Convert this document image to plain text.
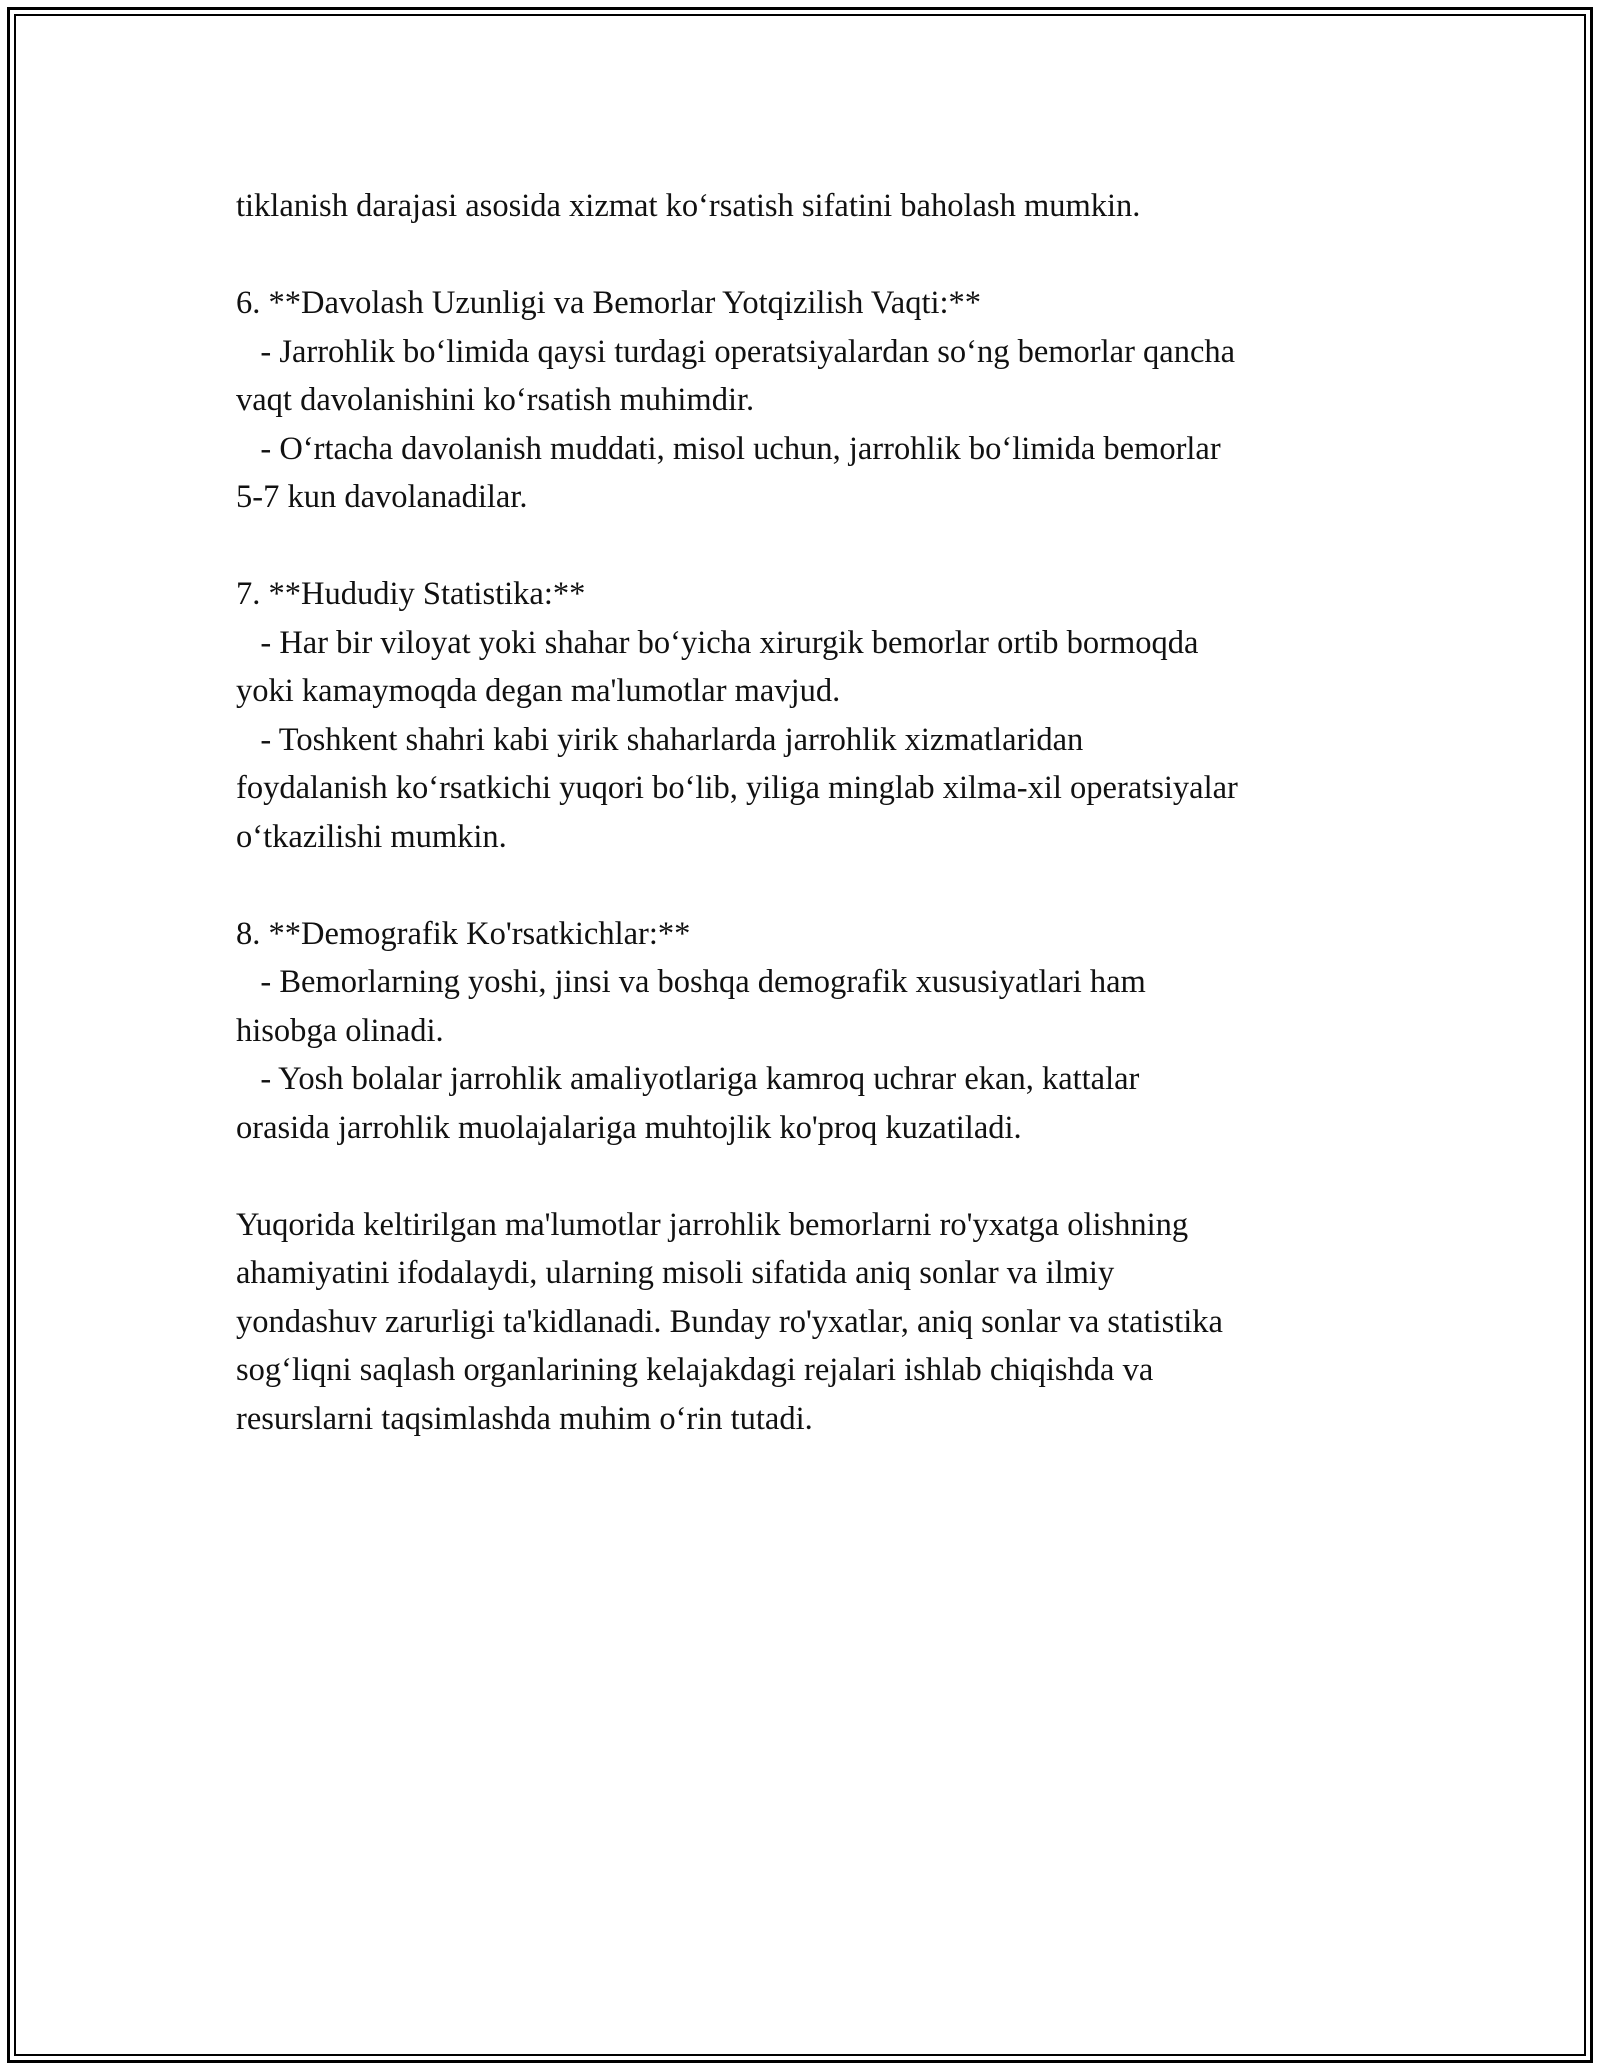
tiklanish darajasi asosida xizmat ko‘rsatish sifatini baholash mumkin.

6. **Davolash Uzunligi va Bemorlar Yotqizilish Vaqti:**

- Jarrohlik bo‘limida qaysi turdagi operatsiyalardan so‘ng bemorlar qancha

vaqt davolanishini ko‘rsatish muhimdir.

- O‘rtacha davolanish muddati, misol uchun, jarrohlik bo‘limida bemorlar

5-7 kun davolanadilar.

7. **Hududiy Statistika:**

- Har bir viloyat yoki shahar bo‘yicha xirurgik bemorlar ortib bormoqda

yoki kamaymoqda degan ma'lumotlar mavjud.

- Toshkent shahri kabi yirik shaharlarda jarrohlik xizmatlaridan

foydalanish ko‘rsatkichi yuqori bo‘lib, yiliga minglab xilma-xil operatsiyalar

o‘tkazilishi mumkin.

8. **Demografik Ko'rsatkichlar:**

- Bemorlarning yoshi, jinsi va boshqa demografik xususiyatlari ham

hisobga olinadi.

- Yosh bolalar jarrohlik amaliyotlariga kamroq uchrar ekan, kattalar

orasida jarrohlik muolajalariga muhtojlik ko'proq kuzatiladi.

Yuqorida keltirilgan ma'lumotlar jarrohlik bemorlarni ro'yxatga olishning

ahamiyatini ifodalaydi, ularning misoli sifatida aniq sonlar va ilmiy

yondashuv zarurligi ta'kidlanadi. Bunday ro'yxatlar, aniq sonlar va statistika

sog‘liqni saqlash organlarining kelajakdagi rejalari ishlab chiqishda va

resurslarni taqsimlashda muhim o‘rin tutadi.
